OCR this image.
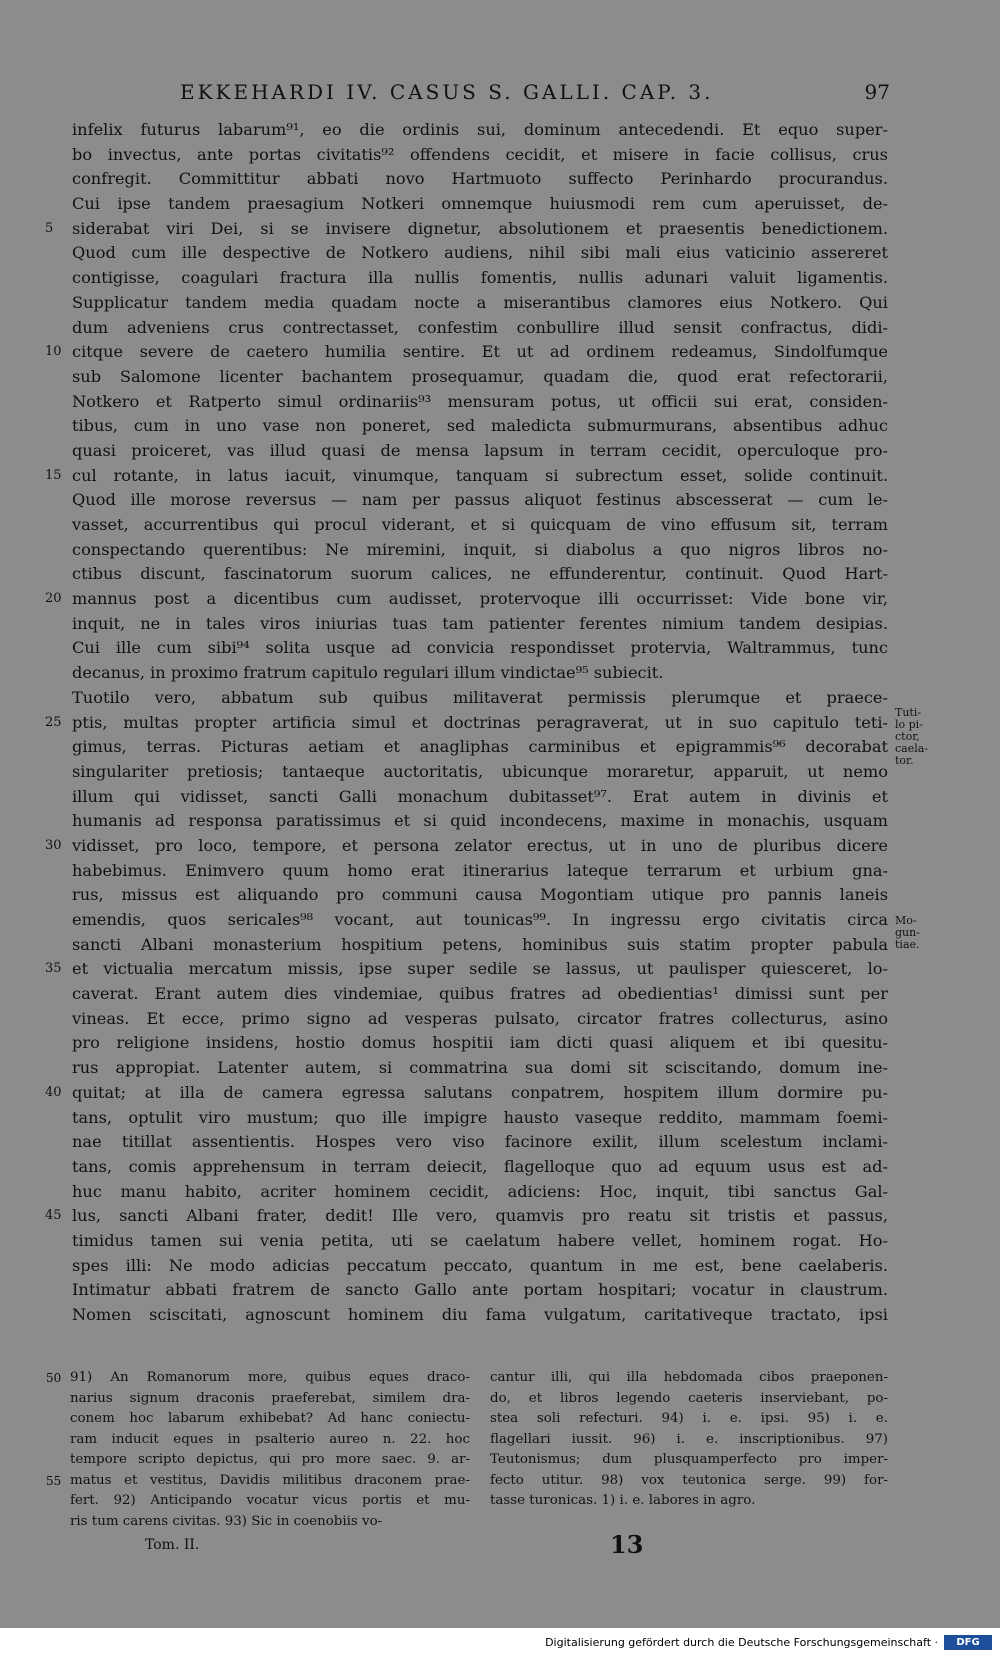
EKKEHARDI IV. CASUS S. GALLI. CAP. 3.	97
infelix futurus labarum⁹¹, eo die ordinis sui, dominum antecedendi. Et equo super-
bo invectus, ante portas civitatis⁹² offendens cecidit, et misere in facie collisus, crus
confregit. Committitur abbati novo Hartmuoto suffecto Perinhardo procurandus.
Cui ipse tandem praesagium Notkeri omnemque huiusmodi rem cum aperuisset, de-
5 siderabat viri Dei, si se invisere dignetur, absolutionem et praesentis benedictionem.
Quod cum ille despective de Notkero audiens, nihil sibi mali eius vaticinio assereret
contigisse, coagulari fractura illa nullis fomentis, nullis adunari valuit ligamentis.
Supplicatur tandem media quadam nocte a miserantibus clamores eius Notkero. Qui
dum adveniens crus contrectasset, confestim conbullire illud sensit confractus, didi-
10 citque severe de caetero humilia sentire. Et ut ad ordinem redeamus, Sindolfumque
sub Salomone licenter bachantem prosequamur, quadam die, quod erat refectorarii,
Notkero et Ratperto simul ordinariis⁹³ mensuram potus, ut officii sui erat, considen-
tibus, cum in uno vase non poneret, sed maledicta submurmurans, absentibus adhuc
quasi proiceret, vas illud quasi de mensa lapsum in terram cecidit, operculoque pro-
15 cul rotante, in latus iacuit, vinumque, tanquam si subrectum esset, solide continuit.
Quod ille morose reversus — nam per passus aliquot festinus abscesserat — cum le-
vasset, accurrentibus qui procul viderant, et si quicquam de vino effusum sit, terram
conspectando querentibus: Ne miremini, inquit, si diabolus a quo nigros libros no-
ctibus discunt, fascinatorum suorum calices, ne effunderentur, continuit. Quod Hart-
20 mannus post a dicentibus cum audisset, protervoque illi occurrisset: Vide bone vir,
inquit, ne in tales viros iniurias tuas tam patienter ferentes nimium tandem desipias.
Cui ille cum sibi⁹⁴ solita usque ad convicia respondisset protervia, Waltrammus, tunc
decanus, in proximo fratrum capitulo regulari illum vindictae⁹⁵ subiecit.
Tuotilo vero, abbatum sub quibus militaverat permissis plerumque et praece-
25 ptis, multas propter artificia simul et doctrinas peragraverat, ut in suo capitulo teti-
gimus, terras. Picturas aetiam et anagliphas carminibus et epigrammis⁹⁶ decorabat
singulariter pretiosis; tantaeque auctoritatis, ubicunque moraretur, apparuit, ut nemo
illum qui vidisset, sancti Galli monachum dubitasset⁹⁷. Erat autem in divinis et
humanis ad responsa paratissimus et si quid incondecens, maxime in monachis, usquam
30 vidisset, pro loco, tempore, et persona zelator erectus, ut in uno de pluribus dicere
habebimus. Enimvero quum homo erat itinerarius lateque terrarum et urbium gna-
rus, missus est aliquando pro communi causa Mogontiam utique pro pannis laneis
emendis, quos sericales⁹⁸ vocant, aut tounicas⁹⁹. In ingressu ergo civitatis circa
sancti Albani monasterium hospitium petens, hominibus suis statim propter pabula
35 et victualia mercatum missis, ipse super sedile se lassus, ut paulisper quiesceret, lo-
caverat. Erant autem dies vindemiae, quibus fratres ad obedientias¹ dimissi sunt per
vineas. Et ecce, primo signo ad vesperas pulsato, circator fratres collecturus, asino
pro religione insidens, hostio domus hospitii iam dicti quasi aliquem et ibi quesitu-
rus appropiat. Latenter autem, si commatrina sua domi sit sciscitando, domum ine-
40 quitat; at illa de camera egressa salutans conpatrem, hospitem illum dormire pu-
tans, optulit viro mustum; quo ille impigre hausto vaseque reddito, mammam foemi-
nae titillat assentientis. Hospes vero viso facinore exilit, illum scelestum inclami-
tans, comis apprehensum in terram deiecit, flagelloque quo ad equum usus est ad-
huc manu habito, acriter hominem cecidit, adiciens: Hoc, inquit, tibi sanctus Gal-
45 lus, sancti Albani frater, dedit! Ille vero, quamvis pro reatu sit tristis et passus,
timidus tamen sui venia petita, uti se caelatum habere vellet, hominem rogat. Ho-
spes illi: Ne modo adicias peccatum peccato, quantum in me est, bene caelaberis.
Intimatur abbati fratrem de sancto Gallo ante portam hospitari; vocatur in claustrum.
Nomen sciscitati, agnoscunt hominem diu fama vulgatum, caritativeque tractato, ipsi
Tuti-
lo pi-
ctor,
caela-
tor.
Mo-
gun-
tiae.
50 91) An Romanorum more, quibus eques draco-
narius signum draconis praeferebat, similem dra-
conem hoc labarum exhibebat? Ad hanc coniectu-
ram inducit eques in psalterio aureo n. 22. hoc
tempore scripto depictus, qui pro more saec. 9. ar-
55 matus et vestitus, Davidis militibus draconem prae-
fert. 92) Anticipando vocatur vicus portis et mu-
ris tum carens civitas. 93) Sic in coenobiis vo-
cantur illi, qui illa hebdomada cibos praeponen-
do, et libros legendo caeteris inserviebant, po-
stea soli refecturi. 94) i. e. ipsi. 95) i. e.
flagellari iussit. 96) i. e. inscriptionibus. 97)
Teutonismus; dum plusquamperfecto pro imper-
fecto utitur. 98) vox teutonica serge. 99) for-
tasse turonicas. 1) i. e. labores in agro.
Tom. II.	13
Digitalisierung gefördert durch die Deutsche Forschungsgemeinschaft ·	DFG
